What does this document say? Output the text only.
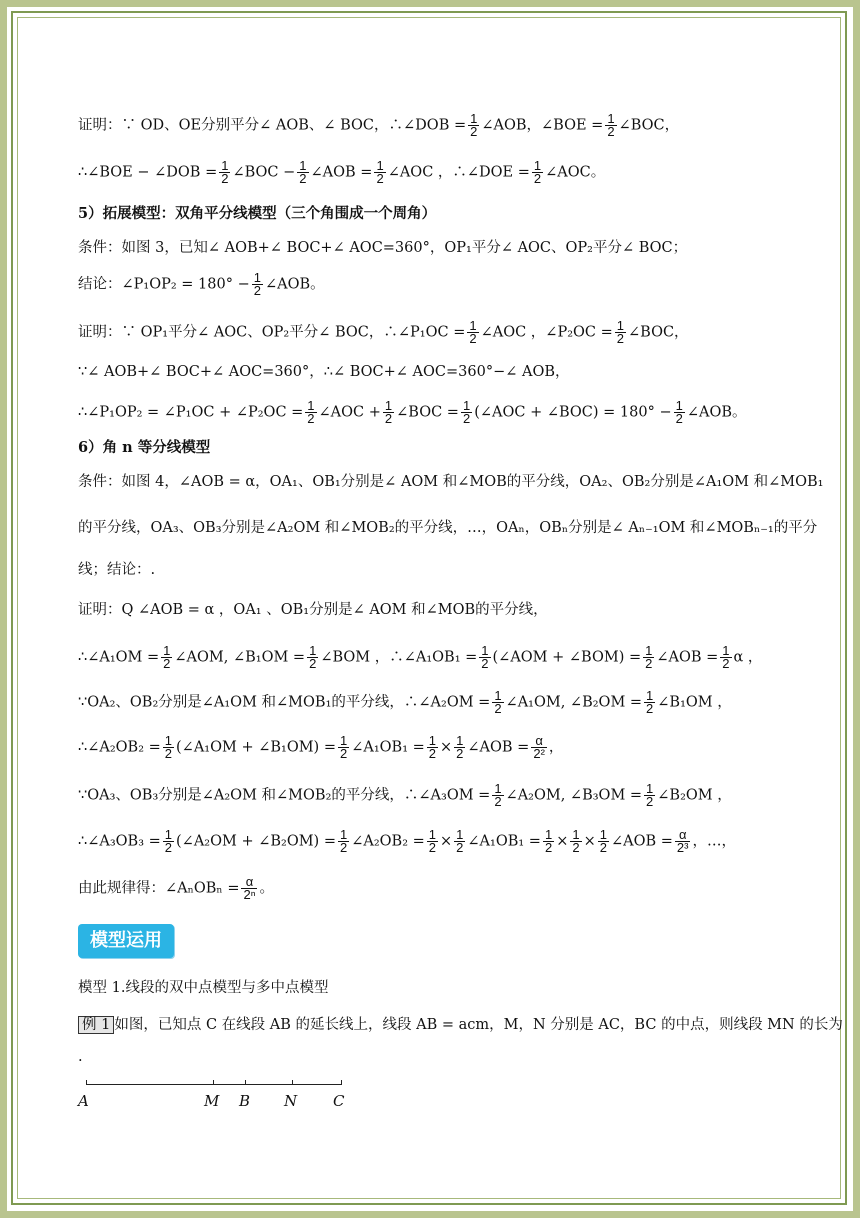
证明：∵ OD、OE分别平分∠ AOB、∠ BOC，∴∠DOB = $\frac{1}{2}$ ∠AOB，∠BOE = $\frac{1}{2}$ ∠BOC，
∴∠BOE − ∠DOB = $\frac{1}{2}$ ∠BOC − $\frac{1}{2}$ ∠AOB = $\frac{1}{2}$ ∠AOC ，∴∠DOE = $\frac{1}{2}$ ∠AOC。
5）拓展模型：双角平分线模型（三个角围成一个周角）
条件：如图 3，已知∠ AOB+∠ BOC+∠ AOC=360°，OP₁平分∠ AOC、OP₂平分∠ BOC；
结论：∠P₁OP₂ = $180^\circ - \frac{1}{2}$ ∠AOB。
证明：∵ OP₁平分∠ AOC、OP₂平分∠ BOC，∴∠P₁OC = $\frac{1}{2}$ ∠AOC ，∠P₂OC = $\frac{1}{2}$ ∠BOC，
∵∠ AOB+∠ BOC+∠ AOC=360°，∴∠ BOC+∠ AOC=360°−∠ AOB，
∴∠P₁OP₂ = ∠P₁OC + ∠P₂OC = $\frac{1}{2}$ ∠AOC + $\frac{1}{2}$ ∠BOC = $\frac{1}{2}$ (∠AOC + ∠BOC) = $180^\circ - \frac{1}{2}$ ∠AOB。
6）角 n 等分线模型
条件：如图 4，∠AOB = α，OA₁、OB₁分别是∠ AOM 和∠MOB的平分线，OA₂、OB₂分别是∠A₁OM 和∠MOB₁
的平分线，OA₃、OB₃分别是∠A₂OM 和∠MOB₂的平分线，…，OAₙ，OBₙ分别是∠ Aₙ₋₁OM 和∠MOBₙ₋₁的平分
线；结论：.
证明：Q ∠AOB = α ，OA₁ 、OB₁分别是∠ AOM 和∠MOB的平分线，
∴∠A₁OM = $\frac{1}{2}$ ∠AOM, ∠B₁OM = $\frac{1}{2}$ ∠BOM ，∴∠A₁OB₁ = $\frac{1}{2}$ (∠AOM + ∠BOM) = $\frac{1}{2}$ ∠AOB = $\frac{1}{2}$ α ，
∵OA₂、OB₂分别是∠A₁OM 和∠MOB₁的平分线，∴∠A₂OM = $\frac{1}{2}$ ∠A₁OM, ∠B₂OM = $\frac{1}{2}$ ∠B₁OM ，
∴∠A₂OB₂ = $\frac{1}{2}$ (∠A₁OM + ∠B₁OM) = $\frac{1}{2}$ ∠A₁OB₁ = $\frac{1}{2} \times \frac{1}{2}$ ∠AOB = $\frac{\alpha}{\text{2²}}$ ，
∵OA₃、OB₃分别是∠A₂OM 和∠MOB₂的平分线，∴∠A₃OM = $\frac{1}{2}$ ∠A₂OM, ∠B₃OM = $\frac{1}{2}$ ∠B₂OM ，
∴∠A₃OB₃ = $\frac{1}{2}$ (∠A₂OM + ∠B₂OM) = $\frac{1}{2}$ ∠A₂OB₂ = $\frac{1}{2} \times \frac{1}{2}$ ∠A₁OB₁ = $\frac{1}{2} \times \frac{1}{2} \times \frac{1}{2}$ ∠AOB = $\frac{\alpha}{\text{2³}}$ ，…，
由此规律得：∠AₙOBₙ = $\frac{\alpha}{\text{2ⁿ}}$ 。
模型运用
模型 1.线段的双中点模型与多中点模型
例 1 如图，已知点 C 在线段 AB 的延长线上，线段 AB = acm，M，N 分别是 AC，BC 的中点，则线段 MN 的长为
.
A	M B N C
